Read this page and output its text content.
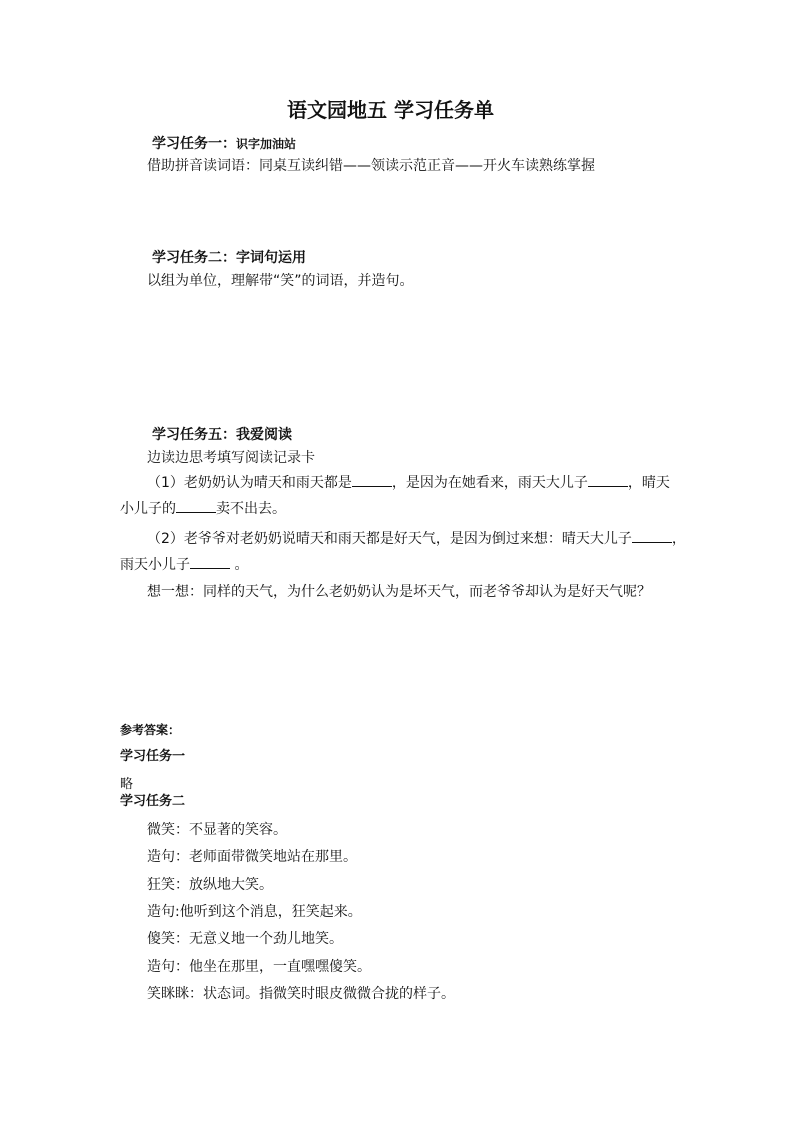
语文园地五 学习任务单
学习任务一：识字加油站
借助拼音读词语：同桌互读纠错——领读示范正音——开火车读熟练掌握
学习任务二：字词句运用
以组为单位，理解带“笑”的词语，并造句。
学习任务五：我爱阅读
边读边思考填写阅读记录卡
（1）老奶奶认为晴天和雨天都是	，是因为在她看来，雨天大儿子	，晴天
小儿子的	卖不出去。
（2）老爷爷对老奶奶说晴天和雨天都是好天气，是因为倒过来想：晴天大儿子	，
雨天小儿子	。
想一想：同样的天气，为什么老奶奶认为是坏天气，而老爷爷却认为是好天气呢？
参考答案：
学习任务一
略
学习任务二
微笑：不显著的笑容。
造句：老师面带微笑地站在那里。
狂笑：放纵地大笑。
造句:他听到这个消息，狂笑起来。
傻笑：无意义地一个劲儿地笑。
造句：他坐在那里，一直嘿嘿傻笑。
笑眯眯：状态词。指微笑时眼皮微微合拢的样子。
